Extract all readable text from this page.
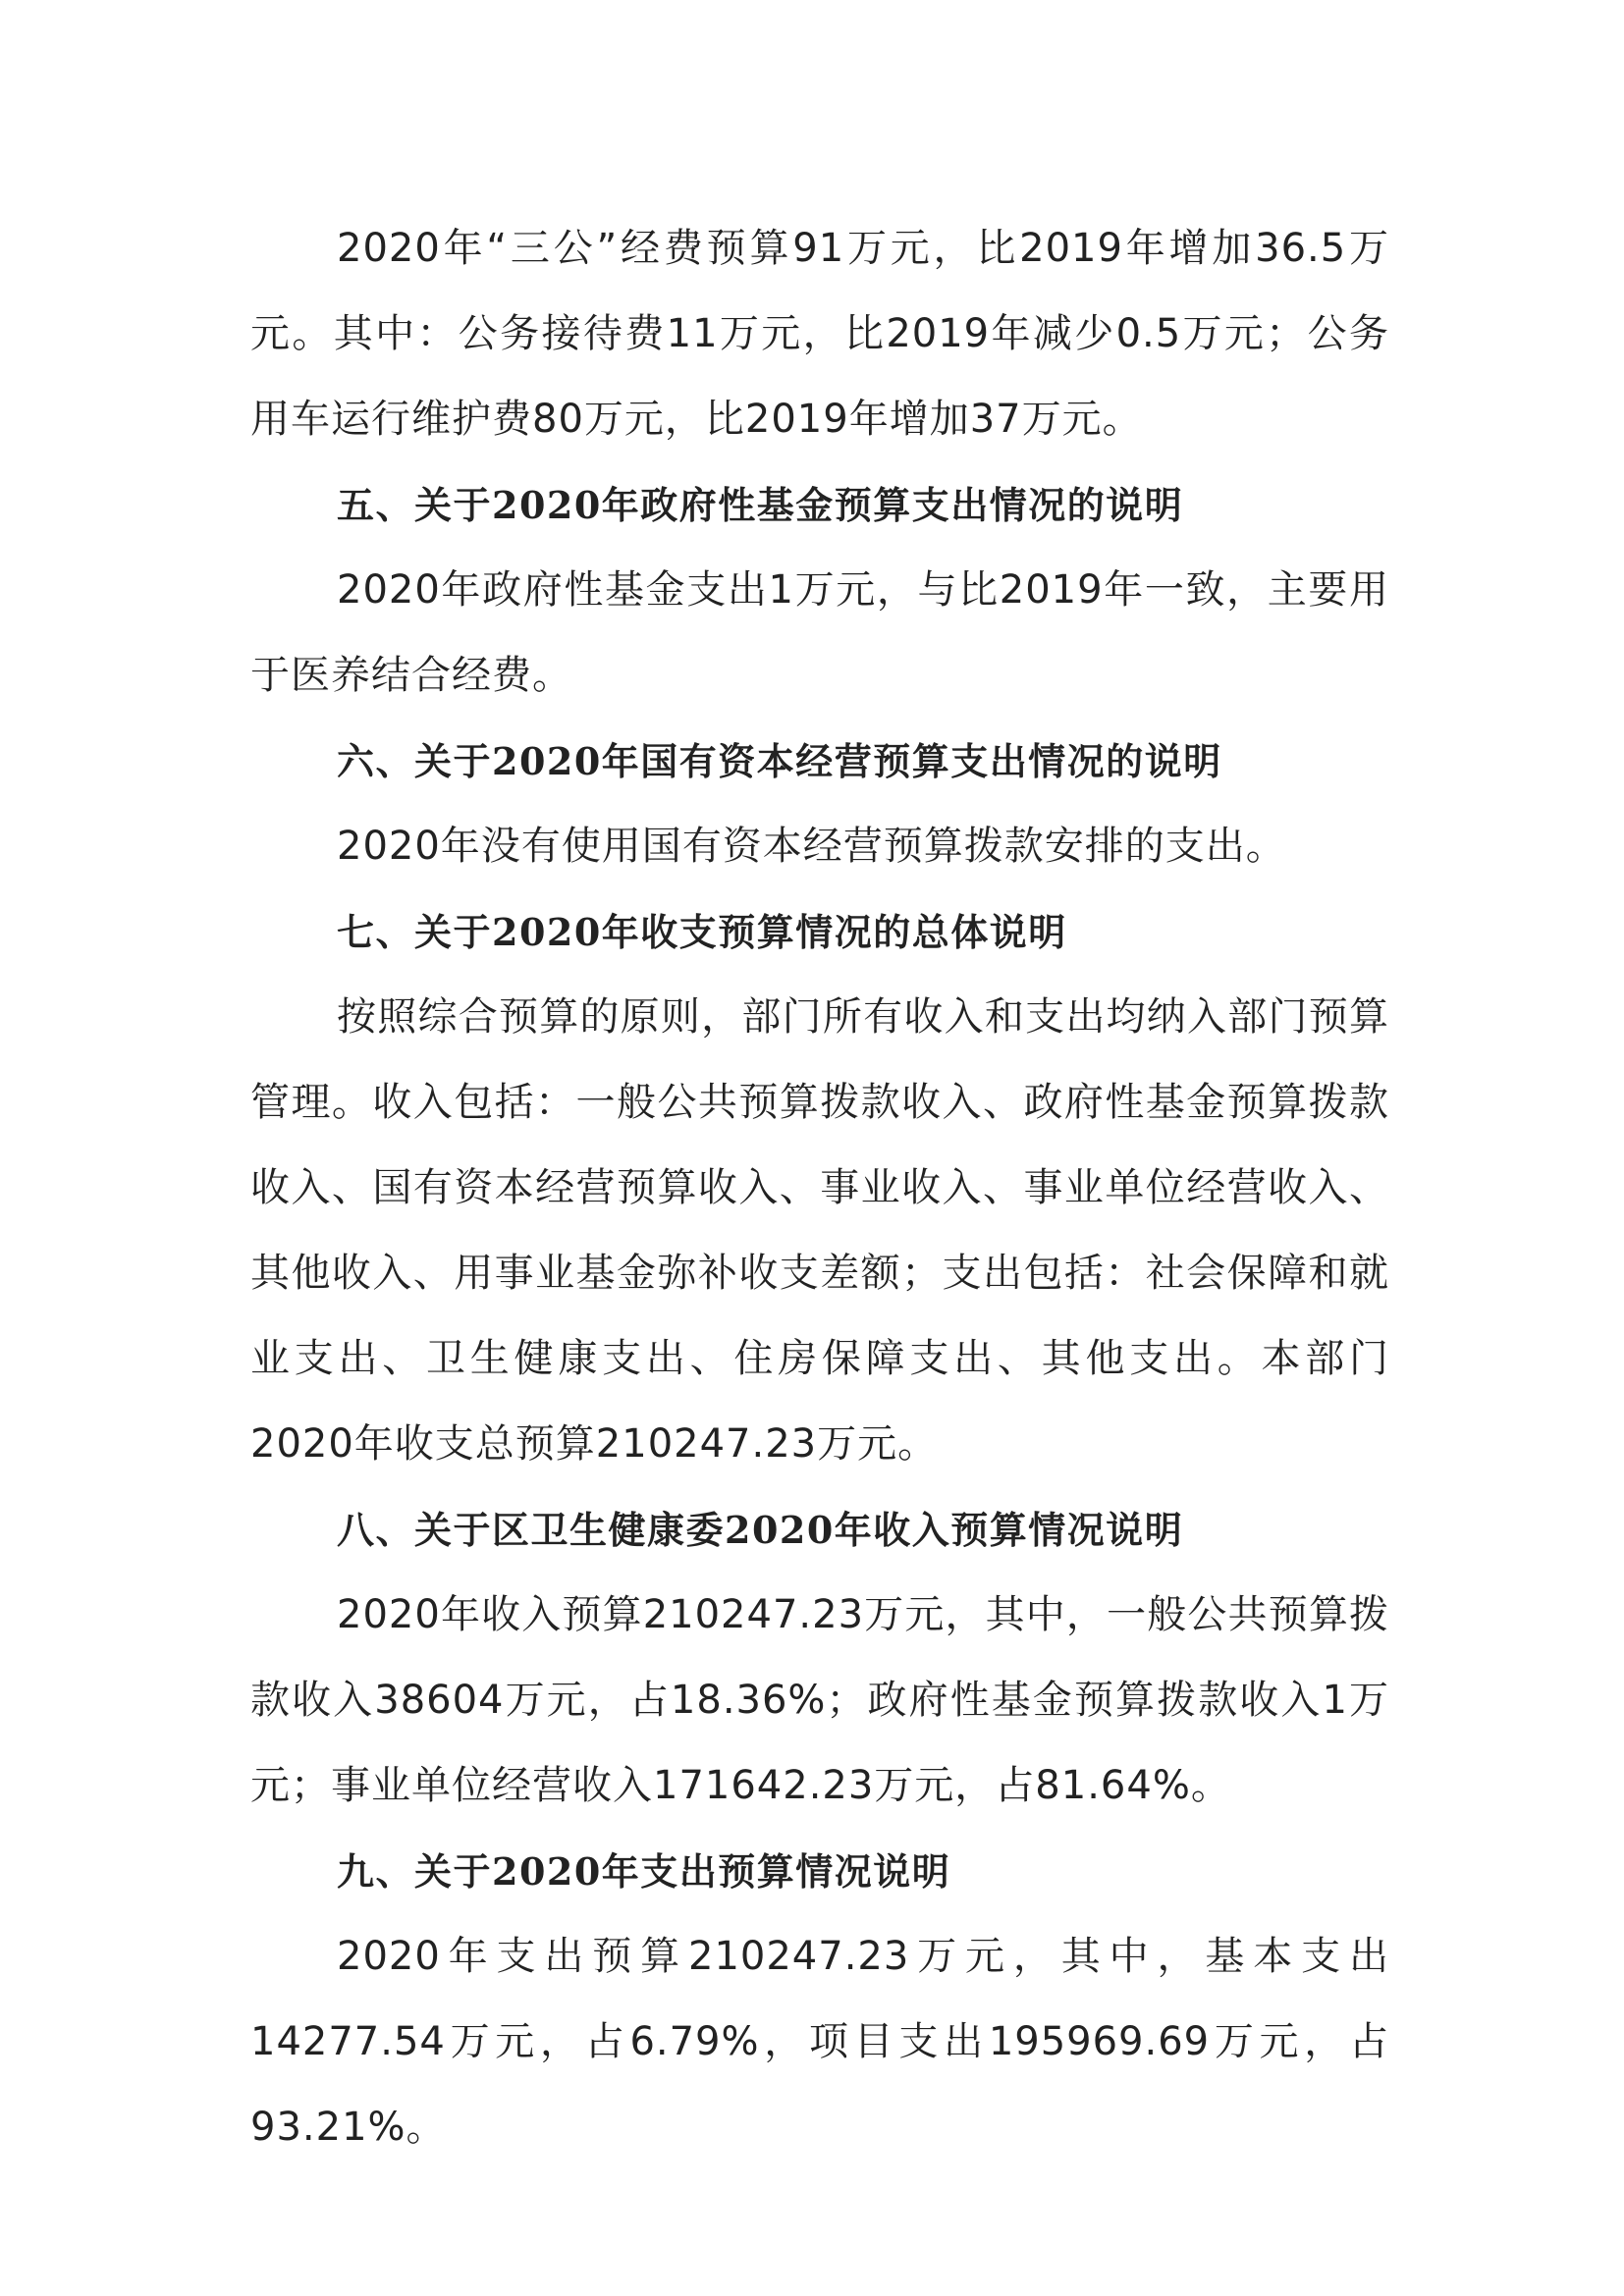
2020年“三公”经费预算91万元，比2019年增加36.5万元。其中：公务接待费11万元，比2019年减少0.5万元；公务用车运行维护费80万元，比2019年增加37万元。

五、关于2020年政府性基金预算支出情况的说明

2020年政府性基金支出1万元，与比2019年一致，主要用于医养结合经费。

六、关于2020年国有资本经营预算支出情况的说明

2020年没有使用国有资本经营预算拨款安排的支出。

七、关于2020年收支预算情况的总体说明

按照综合预算的原则，部门所有收入和支出均纳入部门预算管理。收入包括：一般公共预算拨款收入、政府性基金预算拨款收入、国有资本经营预算收入、事业收入、事业单位经营收入、其他收入、用事业基金弥补收支差额；支出包括：社会保障和就业支出、卫生健康支出、住房保障支出、其他支出。本部门2020年收支总预算210247.23万元。

八、关于区卫生健康委2020年收入预算情况说明

2020年收入预算210247.23万元，其中，一般公共预算拨款收入38604万元，占18.36%；政府性基金预算拨款收入1万元；事业单位经营收入171642.23万元，占81.64%。

九、关于2020年支出预算情况说明

2020年支出预算210247.23万元，其中，基本支出14277.54万元，占6.79%，项目支出195969.69万元，占93.21%。
